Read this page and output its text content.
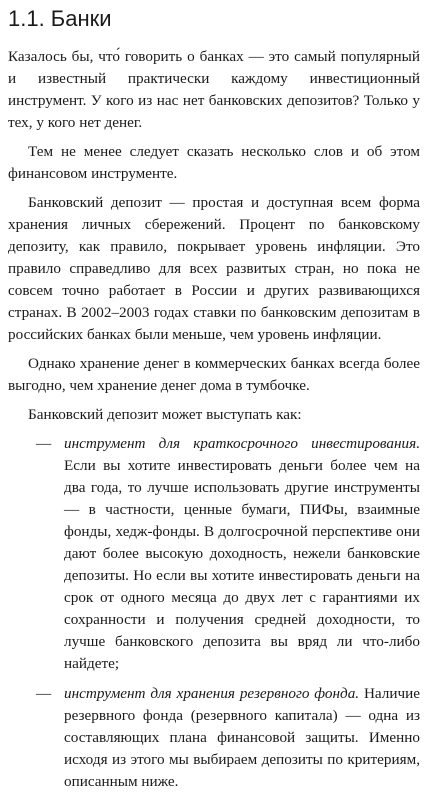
1.1. Банки

Казалось бы, что́ говорить о банках — это самый популярный и известный практически каждому инвестиционный инструмент. У кого из нас нет банковских депозитов? Только у тех, у кого нет денег.

Тем не менее следует сказать несколько слов и об этом финансовом инструменте.

Банковский депозит — простая и доступная всем форма хранения личных сбережений. Процент по банковскому депозиту, как правило, покрывает уровень инфляции. Это правило справедливо для всех развитых стран, но пока не совсем точно работает в России и других развивающихся странах. В 2002–2003 годах ставки по банковским депозитам в российских банках были меньше, чем уровень инфляции.

Однако хранение денег в коммерческих банках всегда более выгодно, чем хранение денег дома в тумбочке.

Банковский депозит может выступать как:

— инструмент для краткосрочного инвестирования. Если вы хотите инвестировать деньги более чем на два года, то лучше использовать другие инструменты — в частности, ценные бумаги, ПИФы, взаимные фонды, хедж-фонды. В долгосрочной перспективе они дают более высокую доходность, нежели банковские депозиты. Но если вы хотите инвестировать деньги на срок от одного месяца до двух лет с гарантиями их сохранности и получения средней доходности, то лучше банковского депозита вы вряд ли что-либо найдете;
— инструмент для хранения резервного фонда. Наличие резервного фонда (резервного капитала) — одна из составляющих плана финансовой защиты. Именно исходя из этого мы выбираем депозиты по критериям, описанным ниже.
